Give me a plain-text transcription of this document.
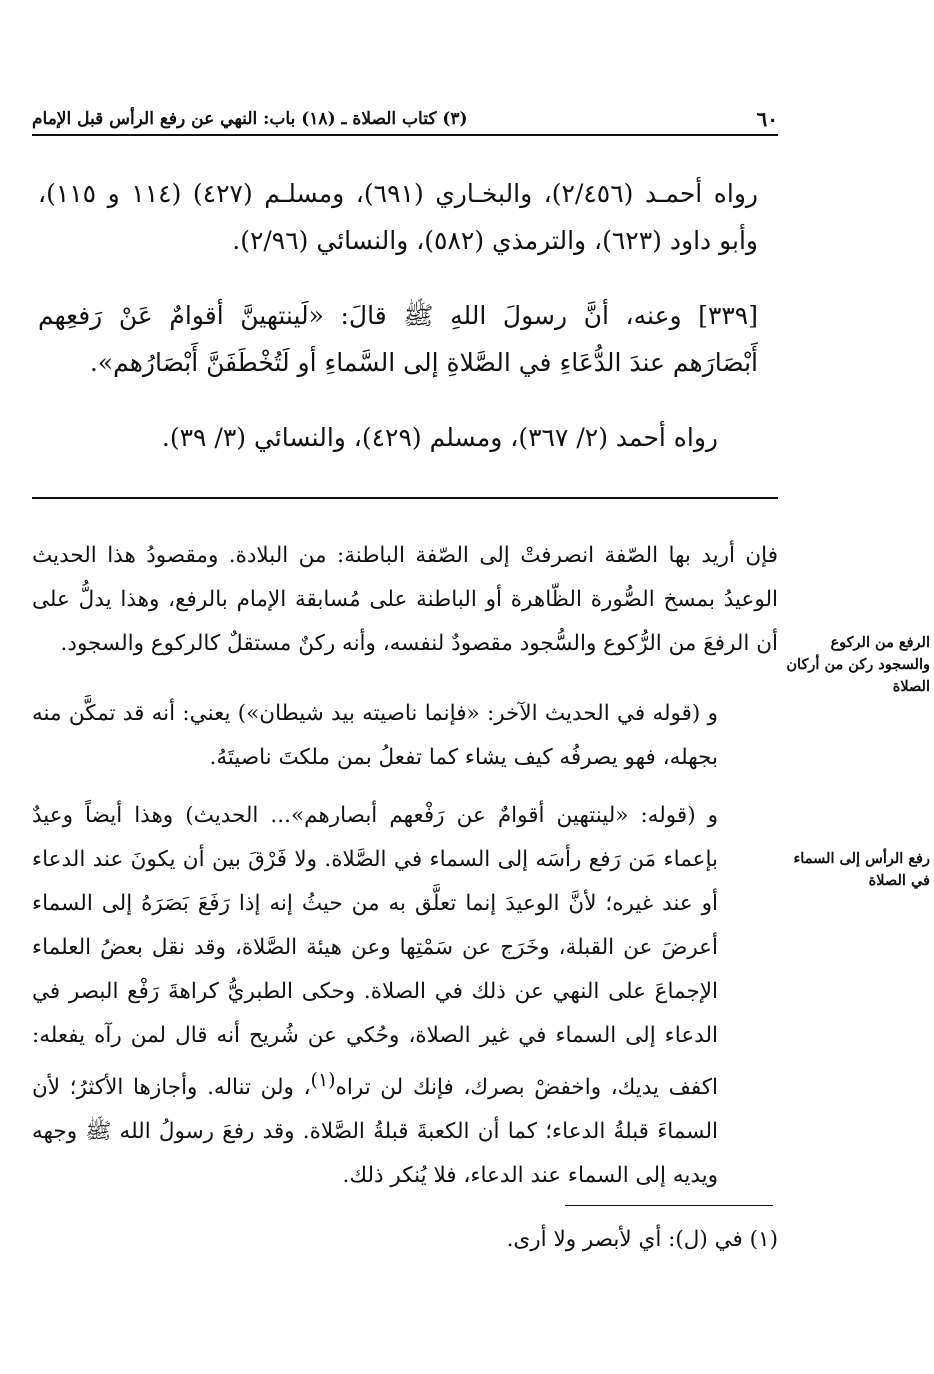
٦٠
(٣) كتاب الصلاة ـ (١٨) باب: النهي عن رفع الرأس قبل الإمام

رواه أحمـد (٢/٤٥٦)، والبخـاري (٦٩١)، ومسلـم (٤٢٧) (١١٤ و ١١٥)، وأبو داود (٦٢٣)، والترمذي (٥٨٢)، والنسائي (٢/٩٦).

[٣٣٩] وعنه، أنَّ رسولَ اللهِ ﷺ قالَ: «لَينتهينَّ أقوامٌ عَنْ رَفعِهم أَبْصَارَهم عندَ الدُّعَاءِ في الصَّلاةِ إلى السَّماءِ أو لَتُخْطَفَنَّ أَبْصَارُهم».

رواه أحمد (٢/ ٣٦٧)، ومسلم (٤٢٩)، والنسائي (٣/ ٣٩).

فإن أريد بها الصّفة انصرفتْ إلى الصّفة الباطنة: من البلادة. ومقصودُ هذا الحديث الوعيدُ بمسخ الصُّورة الظّاهرة أو الباطنة على مُسابقة الإمام بالرفع، وهذا يدلُّ على أن الرفعَ من الرُّكوع والسُّجود مقصودٌ لنفسه، وأنه ركنٌ مستقلٌ كالركوع والسجود.	الرفع من الركوع والسجود ركن من أركان الصلاة

و (قوله في الحديث الآخر: «فإنما ناصيته بيد شيطان») يعني: أنه قد تمكَّن منه بجهله، فهو يصرفُه كيف يشاء كما تفعلُ بمن ملكتَ ناصيتَهُ.

رفع الرأس إلى السماء في الصلاة

و (قوله: «لينتهين أقوامٌ عن رَفْعهم أبصارهم»... الحديث) وهذا أيضاً وعيدٌ بإعماء مَن رَفع رأسَه إلى السماء في الصَّلاة. ولا فَرْقَ بين أن يكونَ عند الدعاء أو عند غيره؛ لأنَّ الوعيدَ إنما تعلَّق به من حيثُ إنه إذا رَفَعَ بَصَرَهُ إلى السماء أعرضَ عن القبلة، وخَرَج عن سَمْتِها وعن هيئة الصَّلاة، وقد نقل بعضُ العلماء الإجماعَ على النهي عن ذلك في الصلاة. وحكى الطبريُّ كراهةَ رَفْع البصر في الدعاء إلى السماء في غير الصلاة، وحُكي عن شُريح أنه قال لمن رآه يفعله: اكفف يديك، واخفضْ بصرك، فإنك لن تراه$^{(١)}$، ولن تناله. وأجازها الأكثرُ؛ لأن السماءَ قبلةُ الدعاء؛ كما أن الكعبةَ قبلةُ الصَّلاة. وقد رفعَ رسولُ الله ﷺ وجهه ويديه إلى السماء عند الدعاء، فلا يُنكر ذلك.

(١) في (ل): أي لأبصر ولا أرى.
